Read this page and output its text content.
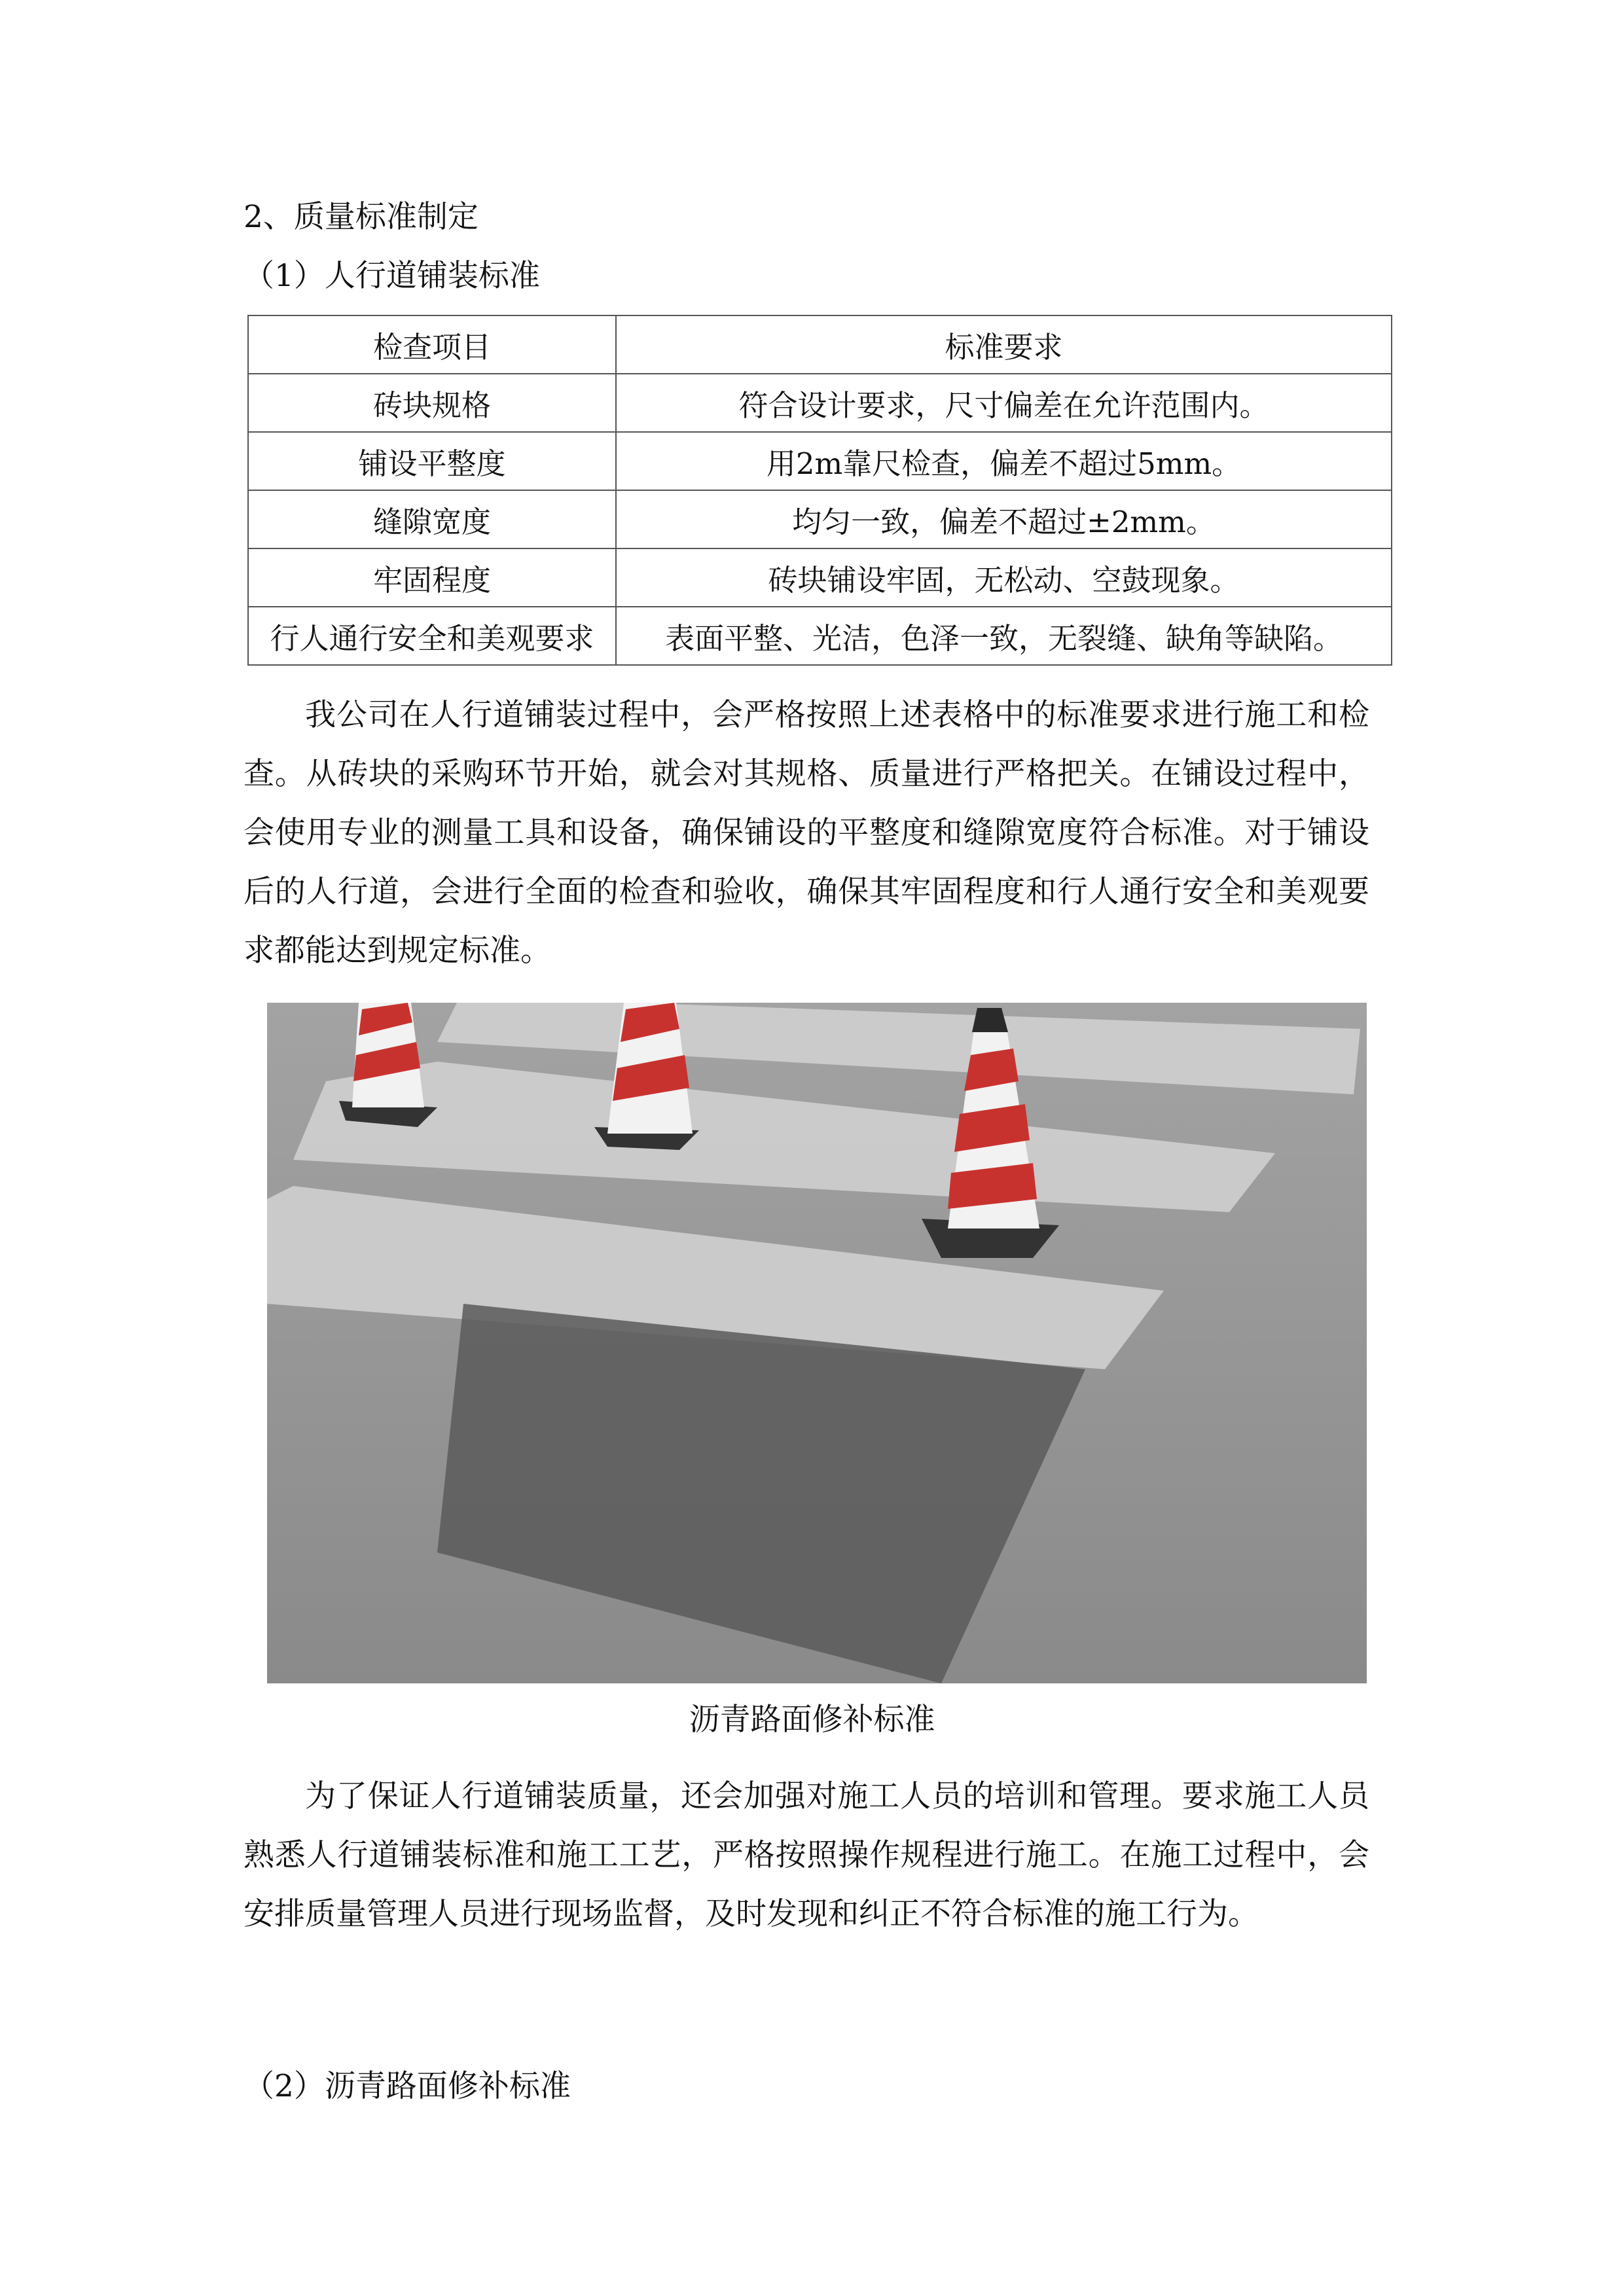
2、质量标准制定
（1）人行道铺装标准
检查项目	标准要求
砖块规格	符合设计要求，尺寸偏差在允许范围内。
铺设平整度	用2m靠尺检查，偏差不超过5mm。
缝隙宽度	均匀一致，偏差不超过±2mm。
牢固程度	砖块铺设牢固，无松动、空鼓现象。
行人通行安全和美观要求	表面平整、光洁，色泽一致，无裂缝、缺角等缺陷。

我公司在人行道铺装过程中，会严格按照上述表格中的标准要求进行施工和检查。从砖块的采购环节开始，就会对其规格、质量进行严格把关。在铺设过程中，会使用专业的测量工具和设备，确保铺设的平整度和缝隙宽度符合标准。对于铺设后的人行道，会进行全面的检查和验收，确保其牢固程度和行人通行安全和美观要求都能达到规定标准。

沥青路面修补标准

为了保证人行道铺装质量，还会加强对施工人员的培训和管理。要求施工人员熟悉人行道铺装标准和施工工艺，严格按照操作规程进行施工。在施工过程中，会安排质量管理人员进行现场监督，及时发现和纠正不符合标准的施工行为。

（2）沥青路面修补标准
